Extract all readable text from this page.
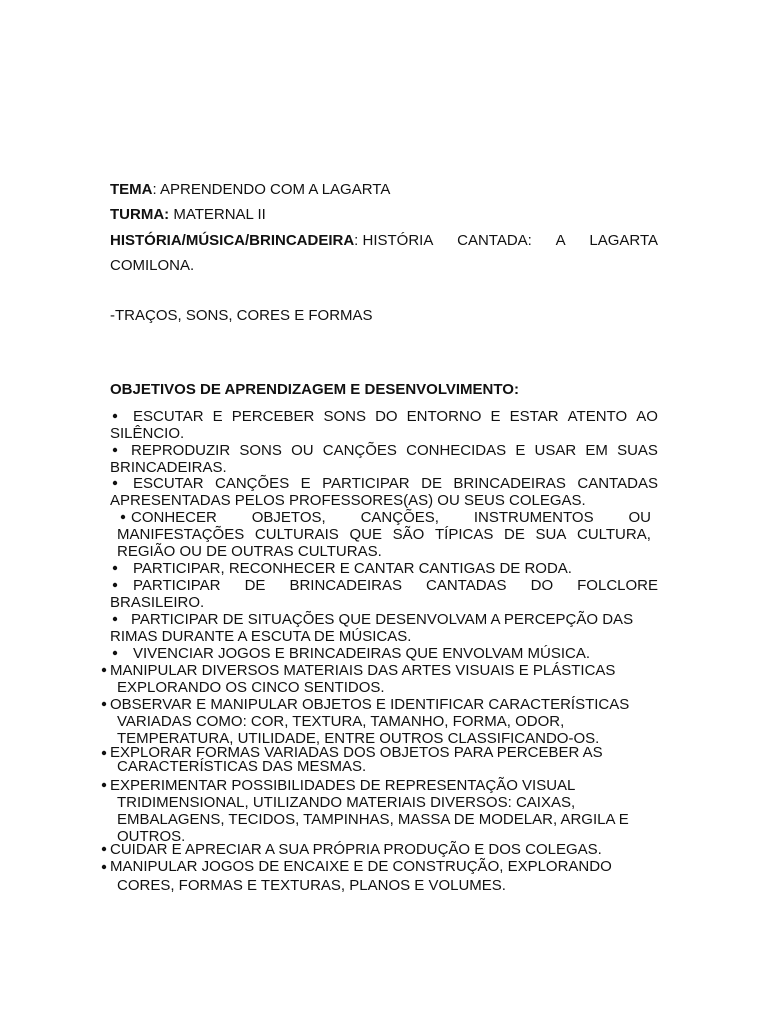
TEMA: APRENDENDO COM A LAGARTA
TURMA: MATERNAL II
HISTÓRIA/MÚSICA/BRINCADEIRA: HISTÓRIA CANTADA: A LAGARTA
COMILONA.
-TRAÇOS, SONS, CORES E FORMAS
OBJETIVOS DE APRENDIZAGEM E DESENVOLVIMENTO:
ESCUTAR E PERCEBER SONS DO ENTORNO E ESTAR ATENTO AO
SILÊNCIO.
REPRODUZIR SONS OU CANÇÕES CONHECIDAS E USAR EM SUAS
BRINCADEIRAS.
ESCUTAR CANÇÕES E PARTICIPAR DE BRINCADEIRAS CANTADAS
APRESENTADAS PELOS PROFESSORES(AS) OU SEUS COLEGAS.
CONHECER OBJETOS, CANÇÕES, INSTRUMENTOS OU
MANIFESTAÇÕES CULTURAIS QUE SÃO TÍPICAS DE SUA CULTURA,
REGIÃO OU DE OUTRAS CULTURAS.
PARTICIPAR, RECONHECER E CANTAR CANTIGAS DE RODA.
PARTICIPAR DE BRINCADEIRAS CANTADAS DO FOLCLORE
BRASILEIRO.
PARTICIPAR DE SITUAÇÕES QUE DESENVOLVAM A PERCEPÇÃO DAS
RIMAS DURANTE A ESCUTA DE MÚSICAS.
VIVENCIAR JOGOS E BRINCADEIRAS QUE ENVOLVAM MÚSICA.
MANIPULAR DIVERSOS MATERIAIS DAS ARTES VISUAIS E PLÁSTICAS
EXPLORANDO OS CINCO SENTIDOS.
OBSERVAR E MANIPULAR OBJETOS E IDENTIFICAR CARACTERÍSTICAS
VARIADAS COMO: COR, TEXTURA, TAMANHO, FORMA, ODOR,
TEMPERATURA, UTILIDADE, ENTRE OUTROS CLASSIFICANDO-OS.
EXPLORAR FORMAS VARIADAS DOS OBJETOS PARA PERCEBER AS
CARACTERÍSTICAS DAS MESMAS.
EXPERIMENTAR POSSIBILIDADES DE REPRESENTAÇÃO VISUAL
TRIDIMENSIONAL, UTILIZANDO MATERIAIS DIVERSOS: CAIXAS,
EMBALAGENS, TECIDOS, TAMPINHAS, MASSA DE MODELAR, ARGILA E
OUTROS.
CUIDAR E APRECIAR A SUA PRÓPRIA PRODUÇÃO E DOS COLEGAS.
MANIPULAR JOGOS DE ENCAIXE E DE CONSTRUÇÃO, EXPLORANDO
CORES, FORMAS E TEXTURAS, PLANOS E VOLUMES.
